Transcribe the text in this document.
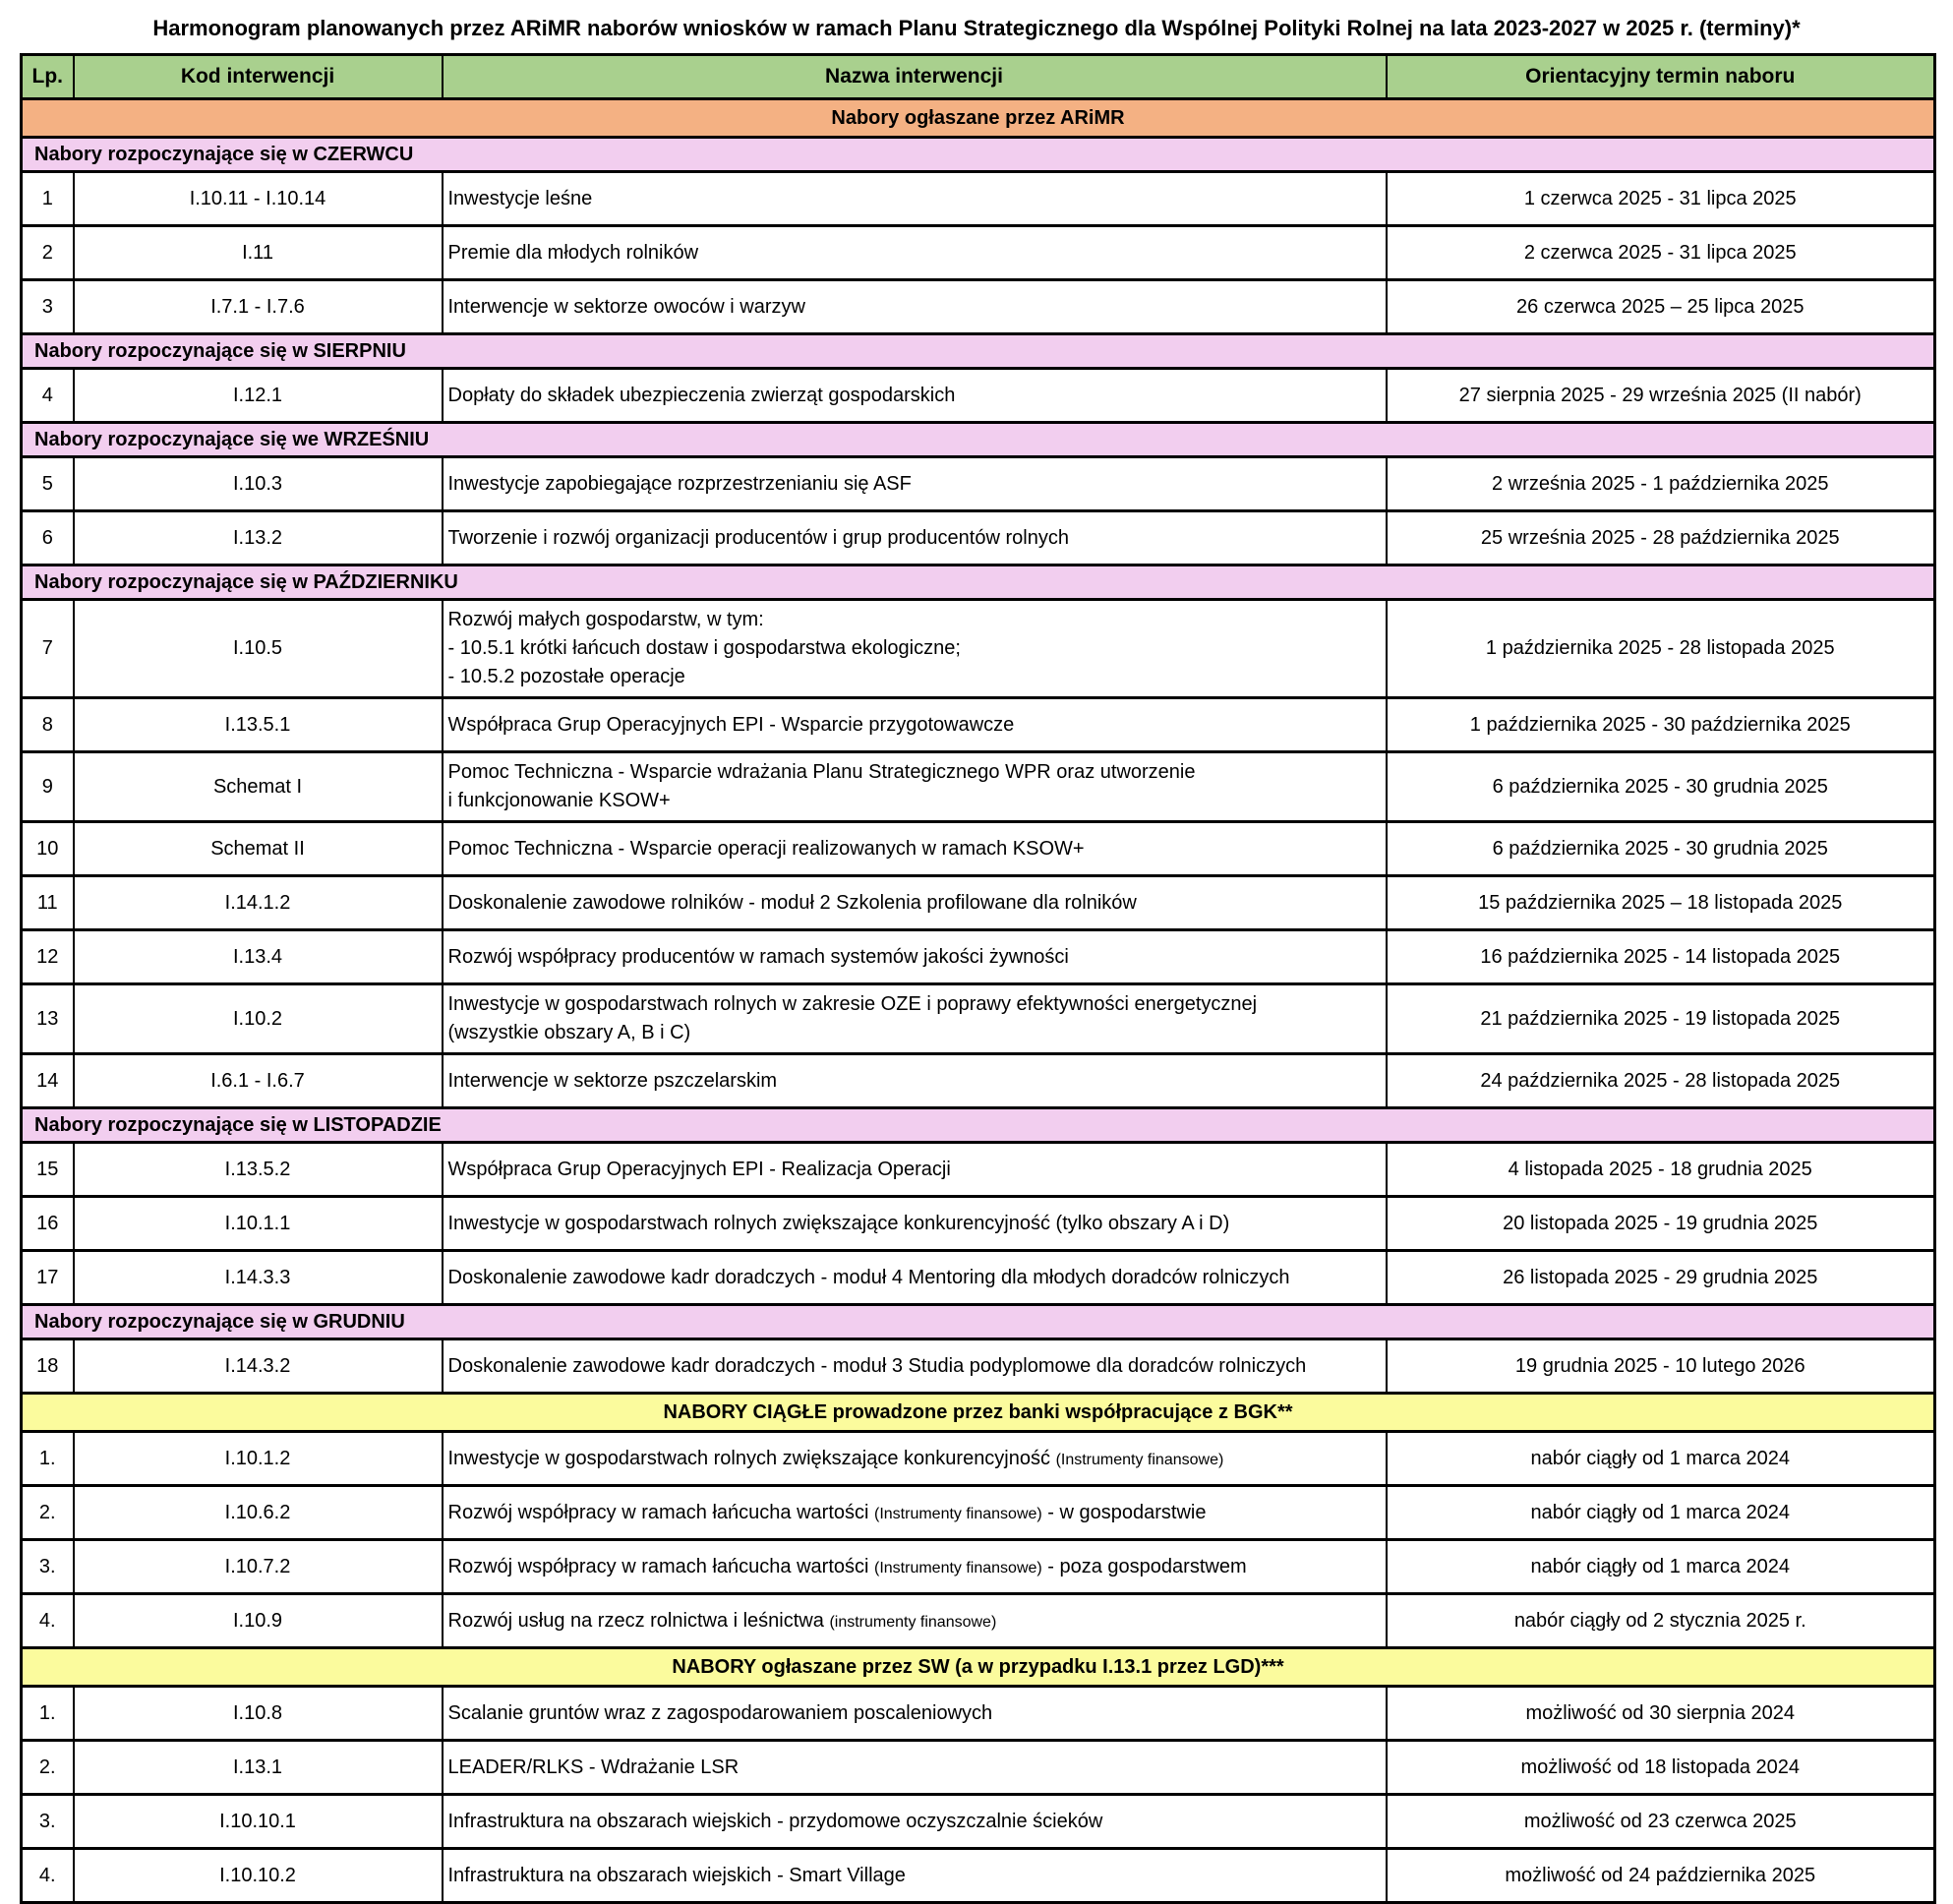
Harmonogram planowanych przez ARiMR naborów wniosków w ramach Planu Strategicznego dla Wspólnej Polityki Rolnej na lata 2023-2027 w 2025 r. (terminy)*
Lp.	Kod interwencji	Nazwa interwencji	Orientacyjny termin naboru
Nabory ogłaszane przez ARiMR			
Nabory rozpoczynające się w CZERWCU			
1	I.10.11 - I.10.14	Inwestycje leśne	1 czerwca 2025 - 31 lipca 2025
2	I.11	Premie dla młodych rolników	2 czerwca 2025 - 31 lipca 2025
3	I.7.1 - I.7.6	Interwencje w sektorze owoców i warzyw	26 czerwca 2025 – 25 lipca 2025
Nabory rozpoczynające się w SIERPNIU			
4	I.12.1	Dopłaty do składek ubezpieczenia zwierząt gospodarskich	27 sierpnia 2025 - 29 września 2025 (II nabór)
Nabory rozpoczynające się we WRZEŚNIU			
5	I.10.3	Inwestycje zapobiegające rozprzestrzenianiu się ASF	2 września 2025 - 1 października 2025
6	I.13.2	Tworzenie i rozwój organizacji producentów i grup producentów rolnych	25 września 2025 - 28 października 2025
Nabory rozpoczynające się w PAŹDZIERNIKU			
7	I.10.5	Rozwój małych gospodarstw, w tym:
- 10.5.1 krótki łańcuch dostaw i gospodarstwa ekologiczne;
- 10.5.2 pozostałe operacje	1 października 2025 - 28 listopada 2025
8	I.13.5.1	Współpraca Grup Operacyjnych EPI - Wsparcie przygotowawcze	1 października 2025 - 30 października 2025
9	Schemat I	Pomoc Techniczna - Wsparcie wdrażania Planu Strategicznego WPR oraz utworzenie
i funkcjonowanie KSOW+	6 października 2025 - 30 grudnia 2025
10	Schemat II	Pomoc Techniczna - Wsparcie operacji realizowanych w ramach KSOW+	6 października 2025 - 30 grudnia 2025
11	I.14.1.2	Doskonalenie zawodowe rolników - moduł 2 Szkolenia profilowane dla rolników	15 października 2025 – 18 listopada 2025
12	I.13.4	Rozwój współpracy producentów w ramach systemów jakości żywności	16 października 2025 - 14 listopada 2025
13	I.10.2	Inwestycje w gospodarstwach rolnych w zakresie OZE i poprawy efektywności energetycznej
(wszystkie obszary A, B i C)	21 października 2025 - 19 listopada 2025
14	I.6.1 - I.6.7	Interwencje w sektorze pszczelarskim	24 października 2025 - 28 listopada 2025
Nabory rozpoczynające się w LISTOPADZIE			
15	I.13.5.2	Współpraca Grup Operacyjnych EPI - Realizacja Operacji	4 listopada 2025 - 18 grudnia 2025
16	I.10.1.1	Inwestycje w gospodarstwach rolnych zwiększające konkurencyjność (tylko obszary A i D)	20 listopada 2025 - 19 grudnia 2025
17	I.14.3.3	Doskonalenie zawodowe kadr doradczych - moduł 4 Mentoring dla młodych doradców rolniczych	26 listopada 2025 - 29 grudnia 2025
Nabory rozpoczynające się w GRUDNIU			
18	I.14.3.2	Doskonalenie zawodowe kadr doradczych - moduł 3 Studia podyplomowe dla doradców rolniczych	19 grudnia 2025 - 10 lutego 2026
NABORY CIĄGŁE prowadzone przez banki współpracujące z BGK**			
1.	I.10.1.2	Inwestycje w gospodarstwach rolnych zwiększające konkurencyjność (Instrumenty finansowe)	nabór ciągły od 1 marca 2024
2.	I.10.6.2	Rozwój współpracy w ramach łańcucha wartości (Instrumenty finansowe) - w gospodarstwie	nabór ciągły od 1 marca 2024
3.	I.10.7.2	Rozwój współpracy w ramach łańcucha wartości (Instrumenty finansowe) - poza gospodarstwem	nabór ciągły od 1 marca 2024
4.	I.10.9	Rozwój usług na rzecz rolnictwa i leśnictwa (instrumenty finansowe)	nabór ciągły od 2 stycznia 2025 r.
NABORY ogłaszane przez SW (a w przypadku I.13.1 przez LGD)***			
1.	I.10.8	Scalanie gruntów wraz z zagospodarowaniem poscaleniowych	możliwość od 30 sierpnia 2024
2.	I.13.1	LEADER/RLKS - Wdrażanie LSR	możliwość od 18 listopada 2024
3.	I.10.10.1	Infrastruktura na obszarach wiejskich - przydomowe oczyszczalnie ścieków	możliwość od 23 czerwca 2025
4.	I.10.10.2	Infrastruktura na obszarach wiejskich - Smart Village	możliwość od 24 października 2025
